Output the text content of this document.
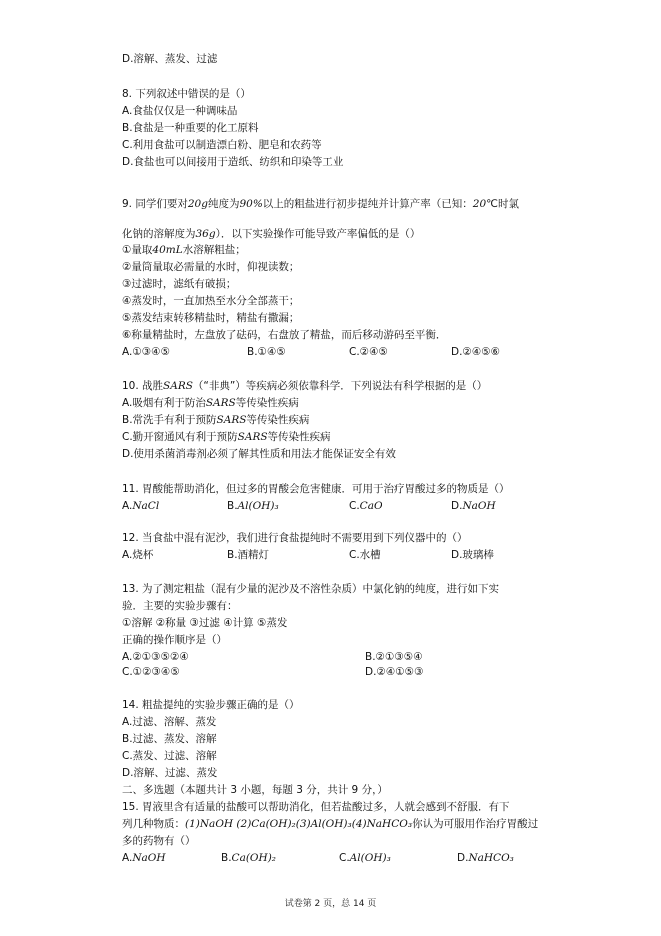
D.溶解、蒸发、过滤
8. 下列叙述中错误的是（）
A.食盐仅仅是一种调味品
B.食盐是一种重要的化工原料
C.利用食盐可以制造漂白粉、肥皂和农药等
D.食盐也可以间接用于造纸、纺织和印染等工业
9. 同学们要对20g纯度为90%以上的粗盐进行初步提纯并计算产率（已知：20℃时氯
化钠的溶解度为36g）．以下实验操作可能导致产率偏低的是（）
①量取40mL水溶解粗盐；
②量筒量取必需量的水时，仰视读数；
③过滤时，滤纸有破损；
④蒸发时，一直加热至水分全部蒸干；
⑤蒸发结束转移精盐时，精盐有撒漏；
⑥称量精盐时，左盘放了砝码，右盘放了精盐，而后移动游码至平衡．
A.①③④⑤	B.①④⑤	C.②④⑤	D.②④⑤⑥
10. 战胜SARS（“非典”）等疾病必须依靠科学．下列说法有科学根据的是（）
A.吸烟有利于防治SARS等传染性疾病
B.常洗手有利于预防SARS等传染性疾病
C.勤开窗通风有利于预防SARS等传染性疾病
D.使用杀菌消毒剂必须了解其性质和用法才能保证安全有效
11. 胃酸能帮助消化，但过多的胃酸会危害健康．可用于治疗胃酸过多的物质是（）
A.NaCl	B.Al(OH)₃	C.CaO	D.NaOH
12. 当食盐中混有泥沙，我们进行食盐提纯时不需要用到下列仪器中的（）
A.烧杯	B.酒精灯	C.水槽	D.玻璃棒
13. 为了测定粗盐（混有少量的泥沙及不溶性杂质）中氯化钠的纯度，进行如下实
验．主要的实验步骤有：
①溶解 ②称量 ③过滤 ④计算 ⑤蒸发
正确的操作顺序是（）
A.②①③⑤②④	B.②①③⑤④
C.①②③④⑤	D.②④①⑤③
14. 粗盐提纯的实验步骤正确的是（）
A.过滤、溶解、蒸发
B.过滤、蒸发、溶解
C.蒸发、过滤、溶解
D.溶解、过滤、蒸发
二、多选题（本题共计 3 小题，每题 3 分，共计 9 分，）
15. 胃液里含有适量的盐酸可以帮助消化，但若盐酸过多，人就会感到不舒服．有下
列几种物质：(1)NaOH (2)Ca(OH)₂(3)Al(OH)₃(4)NaHCO₃你认为可服用作治疗胃酸过
多的药物有（）
A.NaOH	B.Ca(OH)₂	C.Al(OH)₃	D.NaHCO₃
试卷第 2 页，总 14 页
